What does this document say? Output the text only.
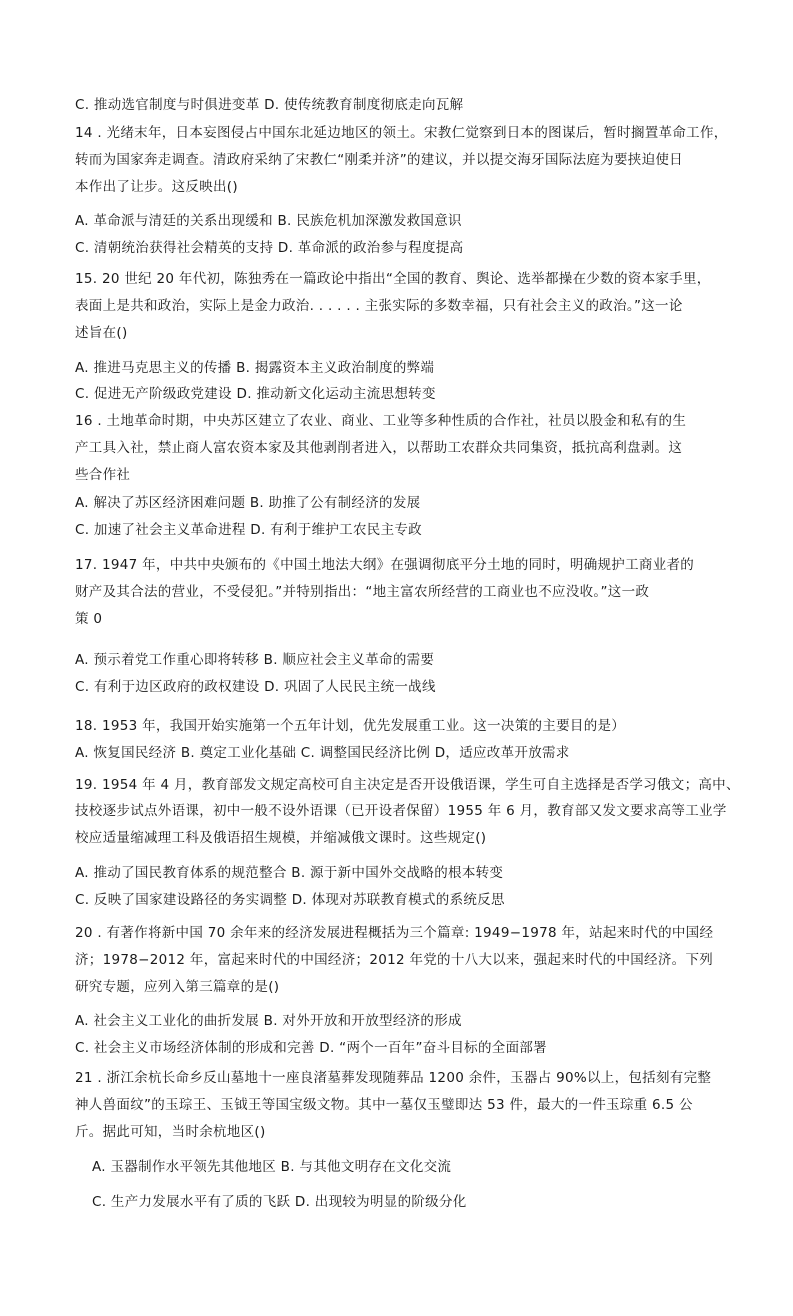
C. 推动选官制度与时俱进变革 D. 使传统教育制度彻底走向瓦解
14 . 光绪末年，日本妄图侵占中国东北延边地区的领土。宋教仁觉察到日本的图谋后，暂时搁置革命工作，
转而为国家奔走调查。清政府采纳了宋教仁“刚柔并济”的建议，并以提交海牙国际法庭为要挟迫使日
本作出了让步。这反映出()
A. 革命派与清廷的关系出现缓和 B. 民族危机加深激发救国意识
C. 清朝统治获得社会精英的支持 D. 革命派的政治参与程度提高
15. 20 世纪 20 年代初，陈独秀在一篇政论中指出“全国的教育、舆论、选举都操在少数的资本家手里，
表面上是共和政治，实际上是金力政治. . . . . . 主张实际的多数幸福，只有社会主义的政治。”这一论
述旨在()
A. 推进马克思主义的传播 B. 揭露资本主义政治制度的弊端
C. 促进无产阶级政党建设 D. 推动新文化运动主流思想转变
16 . 土地革命时期，中央苏区建立了农业、商业、工业等多种性质的合作社，社员以股金和私有的生
产工具入社，禁止商人富农资本家及其他剥削者进入，以帮助工农群众共同集资，抵抗高利盘剥。这
些合作社
A. 解决了苏区经济困难问题 B. 助推了公有制经济的发展
C. 加速了社会主义革命进程 D. 有利于维护工农民主专政
17. 1947 年，中共中央颁布的《中国土地法大纲》在强调彻底平分土地的同时，明确规护工商业者的
财产及其合法的营业，不受侵犯。”并特别指出：“地主富农所经营的工商业也不应没收。”这一政
策 0
A. 预示着党工作重心即将转移 B. 顺应社会主义革命的需要
C. 有利于边区政府的政权建设 D. 巩固了人民民主统一战线
18. 1953 年，我国开始实施第一个五年计划，优先发展重工业。这一决策的主要目的是）
A. 恢复国民经济 B. 奠定工业化基础 C. 调整国民经济比例 D，适应改革开放需求
19. 1954 年 4 月，教育部发文规定高校可自主决定是否开设俄语课，学生可自主选择是否学习俄文；高中、
技校逐步试点外语课，初中一般不设外语课（已开设者保留）1955 年 6 月，教育部又发文要求高等工业学
校应适量缩减理工科及俄语招生规模，并缩减俄文课时。这些规定()
A. 推动了国民教育体系的规范整合 B. 源于新中国外交战略的根本转变
C. 反映了国家建设路径的务实调整 D. 体现对苏联教育模式的系统反思
20 . 有著作将新中国 70 余年来的经济发展进程概括为三个篇章: 1949−1978 年，站起来时代的中国经
济；1978−2012 年，富起来时代的中国经济；2012 年党的十八大以来，强起来时代的中国经济。下列
研究专题，应列入第三篇章的是()
A. 社会主义工业化的曲折发展 B. 对外开放和开放型经济的形成
C. 社会主义市场经济体制的形成和完善 D. “两个一百年”奋斗目标的全面部署
21 . 浙江余杭长命乡反山墓地十一座良渚墓葬发现随葬品 1200 余件，玉器占 90%以上，包括刻有完整
神人兽面纹”的玉琮王、玉钺王等国宝级文物。其中一墓仅玉璧即达 53 件，最大的一件玉琮重 6.5 公
斤。据此可知，当时余杭地区()
A. 玉器制作水平领先其他地区 B. 与其他文明存在文化交流
C. 生产力发展水平有了质的飞跃 D. 出现较为明显的阶级分化
